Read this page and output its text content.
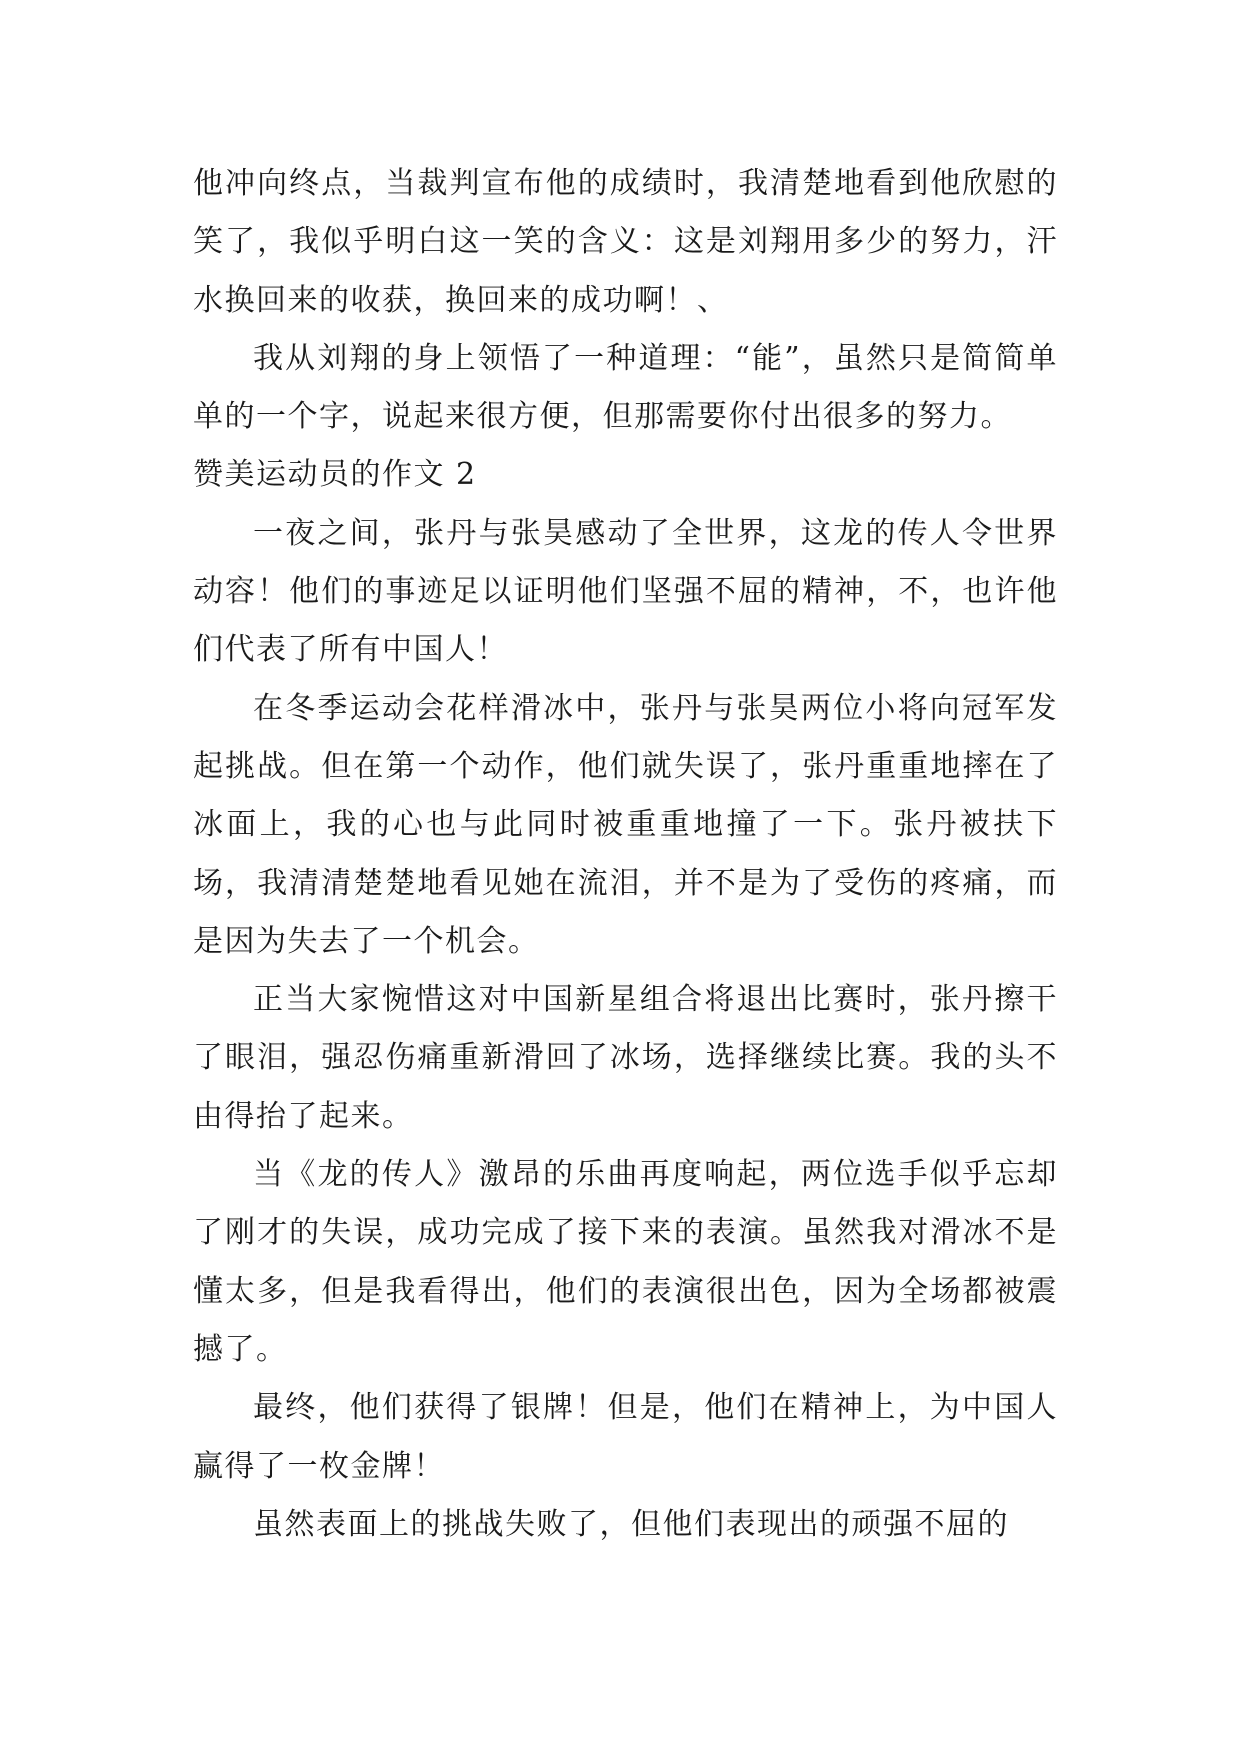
他冲向终点，当裁判宣布他的成绩时，我清楚地看到他欣慰的笑了，我似乎明白这一笑的含义：这是刘翔用多少的努力，汗水换回来的收获，换回来的成功啊！、

我从刘翔的身上领悟了一种道理：“能”，虽然只是简简单单的一个字，说起来很方便，但那需要你付出很多的努力。

赞美运动员的作文 2

一夜之间，张丹与张昊感动了全世界，这龙的传人令世界动容！他们的事迹足以证明他们坚强不屈的精神，不，也许他们代表了所有中国人！

在冬季运动会花样滑冰中，张丹与张昊两位小将向冠军发起挑战。但在第一个动作，他们就失误了，张丹重重地摔在了冰面上，我的心也与此同时被重重地撞了一下。张丹被扶下场，我清清楚楚地看见她在流泪，并不是为了受伤的疼痛，而是因为失去了一个机会。

正当大家惋惜这对中国新星组合将退出比赛时，张丹擦干了眼泪，强忍伤痛重新滑回了冰场，选择继续比赛。我的头不由得抬了起来。

当《龙的传人》激昂的乐曲再度响起，两位选手似乎忘却了刚才的失误，成功完成了接下来的表演。虽然我对滑冰不是懂太多，但是我看得出，他们的表演很出色，因为全场都被震撼了。

最终，他们获得了银牌！但是，他们在精神上，为中国人赢得了一枚金牌！

虽然表面上的挑战失败了，但他们表现出的顽强不屈的
